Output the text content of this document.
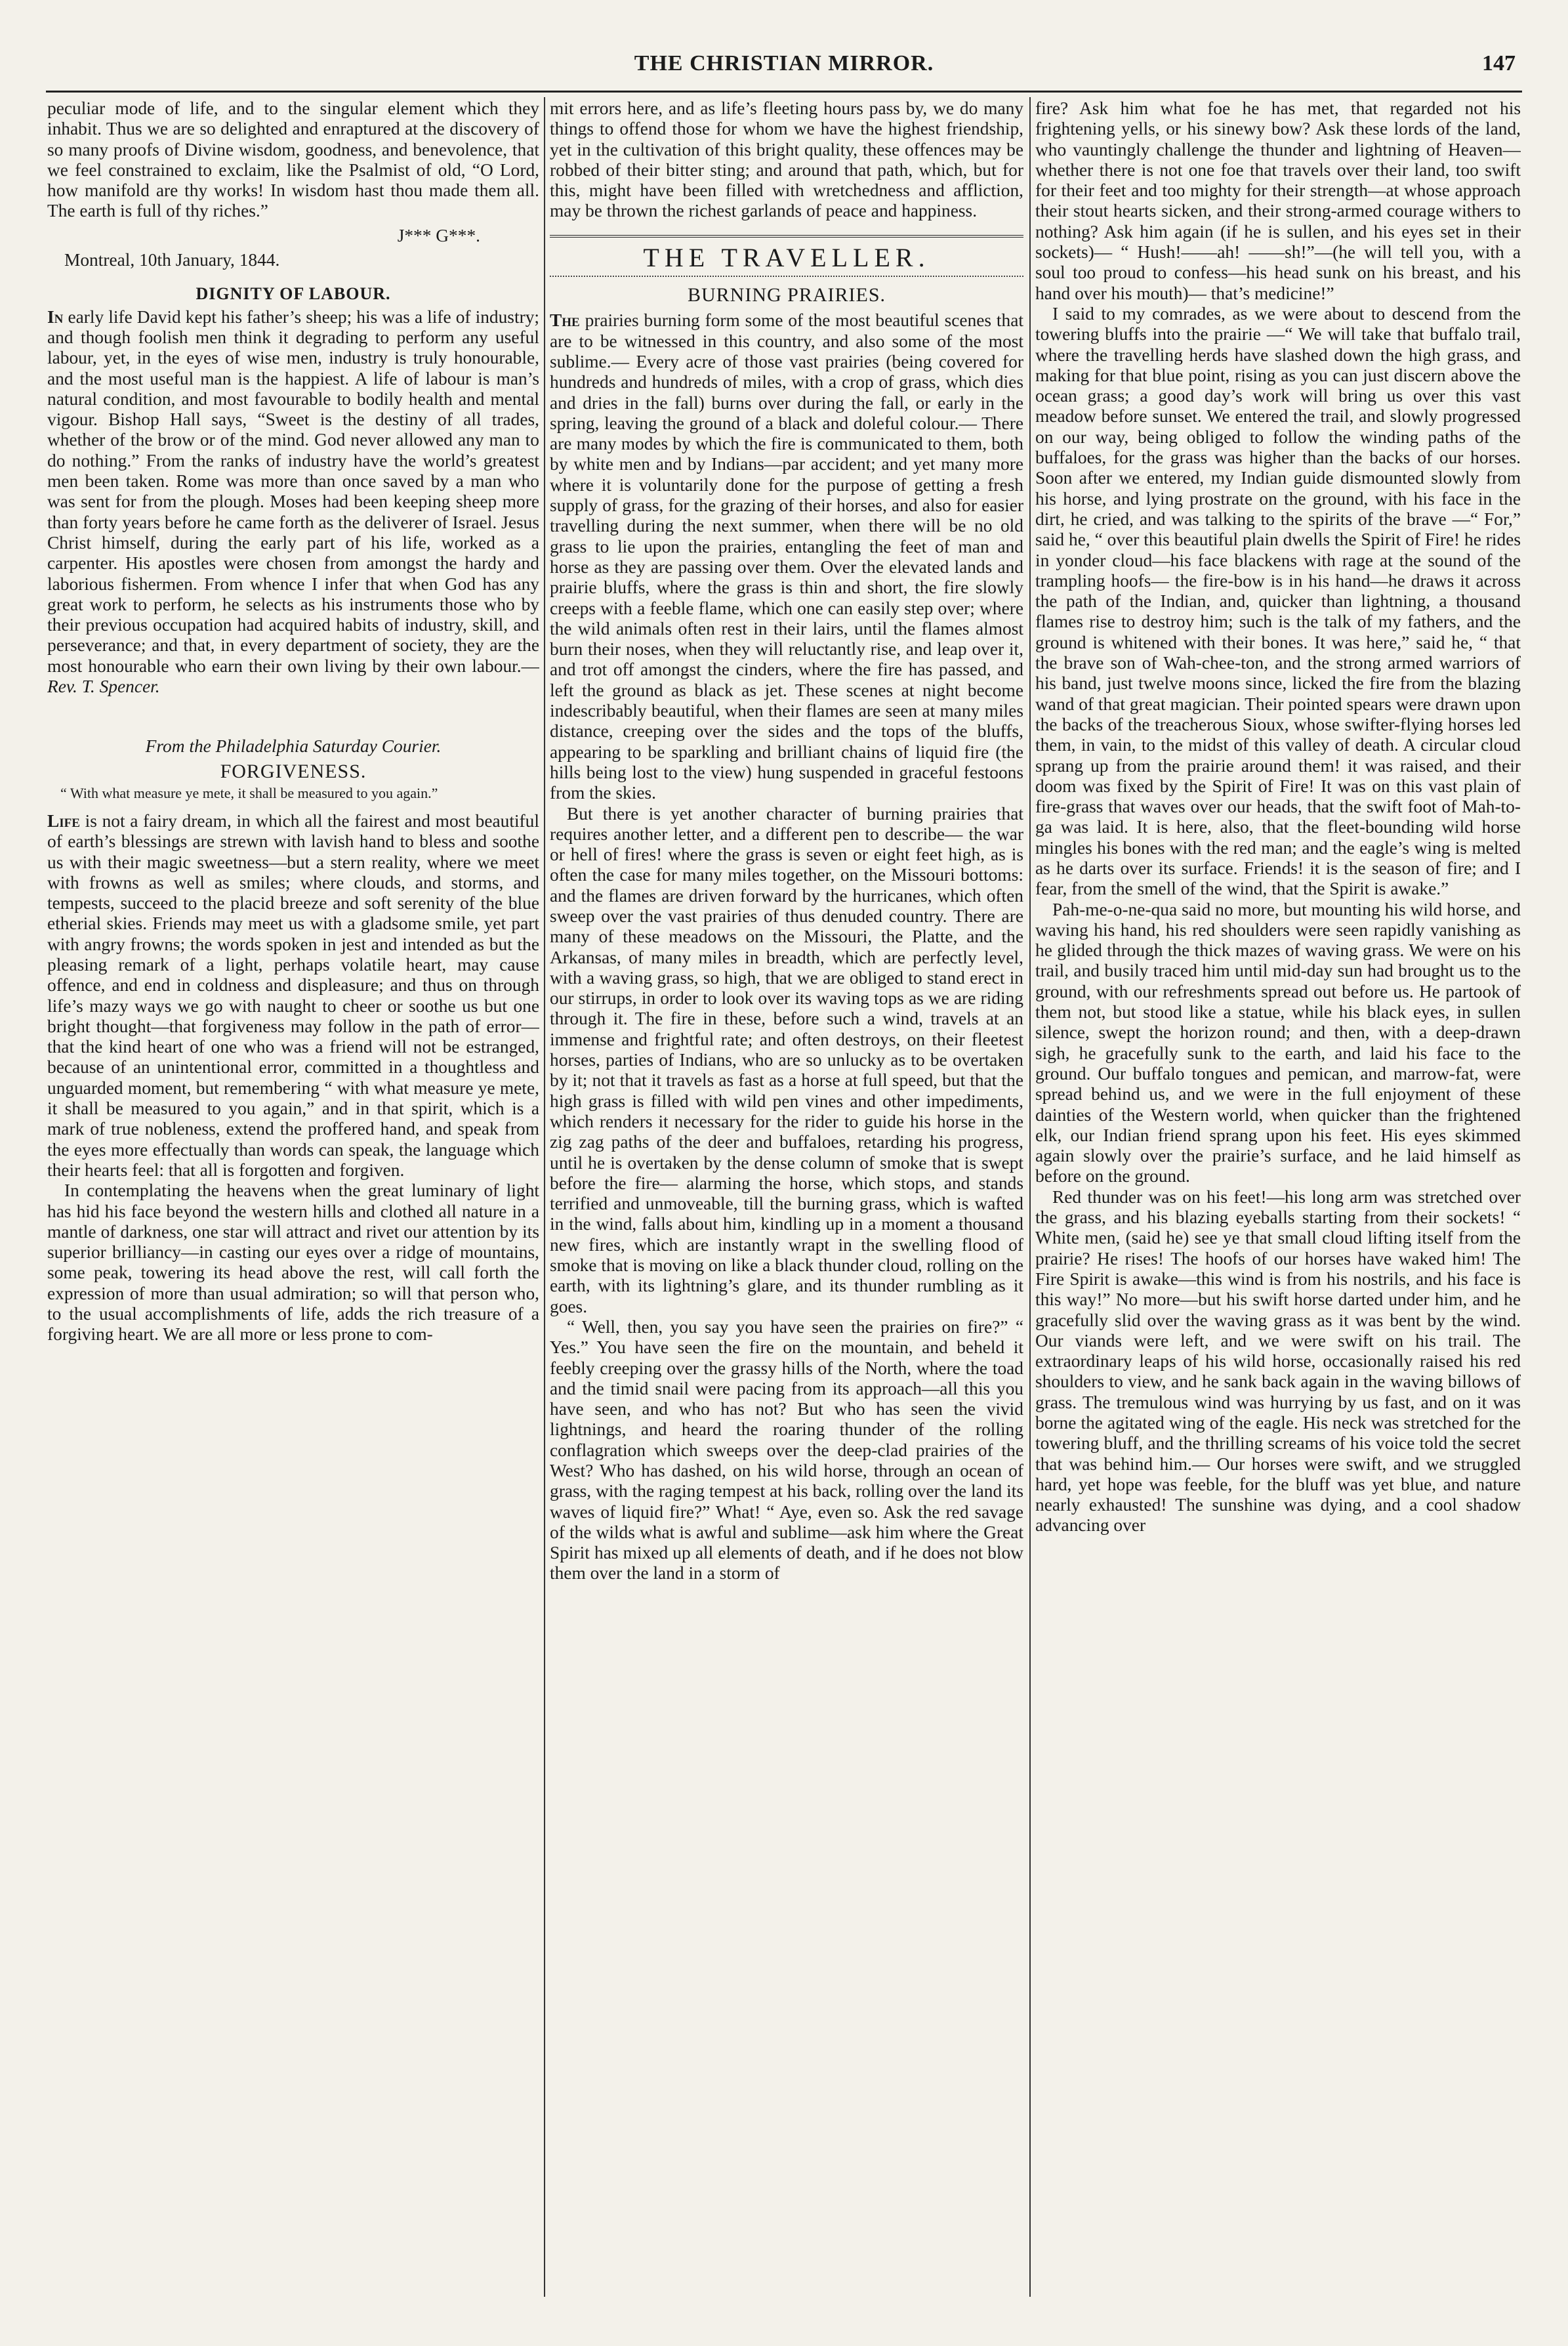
THE CHRISTIAN MIRROR.	147

peculiar mode of life, and to the singular element which they inhabit. Thus we are so delighted and enraptured at the discovery of so many proofs of Divine wisdom, goodness, and benevolence, that we feel constrained to exclaim, like the Psalmist of old, “O Lord, how manifold are thy works! In wisdom hast thou made them all. The earth is full of thy riches.”

J*** G***.
Montreal, 10th January, 1844.
DIGNITY OF LABOUR.

In early life David kept his father’s sheep; his was a life of industry; and though foolish men think it degrading to perform any useful labour, yet, in the eyes of wise men, industry is truly honourable, and the most useful man is the happiest. A life of labour is man’s natural condition, and most favourable to bodily health and mental vigour. Bishop Hall says, “Sweet is the destiny of all trades, whether of the brow or of the mind. God never allowed any man to do nothing.” From the ranks of industry have the world’s greatest men been taken. Rome was more than once saved by a man who was sent for from the plough. Moses had been keeping sheep more than forty years before he came forth as the deliverer of Israel. Jesus Christ himself, during the early part of his life, worked as a carpenter. His apostles were chosen from amongst the hardy and laborious fishermen. From whence I infer that when God has any great work to perform, he selects as his instruments those who by their previous occupation had acquired habits of industry, skill, and perseverance; and that, in every department of society, they are the most honourable who earn their own living by their own labour.—Rev. T. Spencer.

From the Philadelphia Saturday Courier.
FORGIVENESS.
“ With what measure ye mete, it shall be measured to you again.”

Life is not a fairy dream, in which all the fairest and most beautiful of earth’s blessings are strewn with lavish hand to bless and soothe us with their magic sweetness—but a stern reality, where we meet with frowns as well as smiles; where clouds, and storms, and tempests, succeed to the placid breeze and soft serenity of the blue etherial skies. Friends may meet us with a gladsome smile, yet part with angry frowns; the words spoken in jest and intended as but the pleasing remark of a light, perhaps volatile heart, may cause offence, and end in coldness and displeasure; and thus on through life’s mazy ways we go with naught to cheer or soothe us but one bright thought—that forgiveness may follow in the path of error—that the kind heart of one who was a friend will not be estranged, because of an unintentional error, committed in a thoughtless and unguarded moment, but remembering “ with what measure ye mete, it shall be measured to you again,” and in that spirit, which is a mark of true nobleness, extend the proffered hand, and speak from the eyes more effectually than words can speak, the language which their hearts feel: that all is forgotten and forgiven.

In contemplating the heavens when the great luminary of light has hid his face beyond the western hills and clothed all nature in a mantle of darkness, one star will attract and rivet our attention by its superior brilliancy—in casting our eyes over a ridge of mountains, some peak, towering its head above the rest, will call forth the expression of more than usual admiration; so will that person who, to the usual accomplishments of life, adds the rich treasure of a forgiving heart. We are all more or less prone to com-

mit errors here, and as life’s fleeting hours pass by, we do many things to offend those for whom we have the highest friendship, yet in the cultivation of this bright quality, these offences may be robbed of their bitter sting; and around that path, which, but for this, might have been filled with wretchedness and affliction, may be thrown the richest garlands of peace and happiness.

THE TRAVELLER.
BURNING PRAIRIES.

The prairies burning form some of the most beautiful scenes that are to be witnessed in this country, and also some of the most sublime.— Every acre of those vast prairies (being covered for hundreds and hundreds of miles, with a crop of grass, which dies and dries in the fall) burns over during the fall, or early in the spring, leaving the ground of a black and doleful colour.— There are many modes by which the fire is communicated to them, both by white men and by Indians—par accident; and yet many more where it is voluntarily done for the purpose of getting a fresh supply of grass, for the grazing of their horses, and also for easier travelling during the next summer, when there will be no old grass to lie upon the prairies, entangling the feet of man and horse as they are passing over them. Over the elevated lands and prairie bluffs, where the grass is thin and short, the fire slowly creeps with a feeble flame, which one can easily step over; where the wild animals often rest in their lairs, until the flames almost burn their noses, when they will reluctantly rise, and leap over it, and trot off amongst the cinders, where the fire has passed, and left the ground as black as jet. These scenes at night become indescribably beautiful, when their flames are seen at many miles distance, creeping over the sides and the tops of the bluffs, appearing to be sparkling and brilliant chains of liquid fire (the hills being lost to the view) hung suspended in graceful festoons from the skies.

But there is yet another character of burning prairies that requires another letter, and a different pen to describe— the war or hell of fires! where the grass is seven or eight feet high, as is often the case for many miles together, on the Missouri bottoms: and the flames are driven forward by the hurricanes, which often sweep over the vast prairies of thus denuded country. There are many of these meadows on the Missouri, the Platte, and the Arkansas, of many miles in breadth, which are perfectly level, with a waving grass, so high, that we are obliged to stand erect in our stirrups, in order to look over its waving tops as we are riding through it. The fire in these, before such a wind, travels at an immense and frightful rate; and often destroys, on their fleetest horses, parties of Indians, who are so unlucky as to be overtaken by it; not that it travels as fast as a horse at full speed, but that the high grass is filled with wild pen vines and other impediments, which renders it necessary for the rider to guide his horse in the zig zag paths of the deer and buffaloes, retarding his progress, until he is overtaken by the dense column of smoke that is swept before the fire— alarming the horse, which stops, and stands terrified and unmoveable, till the burning grass, which is wafted in the wind, falls about him, kindling up in a moment a thousand new fires, which are instantly wrapt in the swelling flood of smoke that is moving on like a black thunder cloud, rolling on the earth, with its lightning’s glare, and its thunder rumbling as it goes.

“ Well, then, you say you have seen the prairies on fire?” “ Yes.” You have seen the fire on the mountain, and beheld it feebly creeping over the grassy hills of the North, where the toad and the timid snail were pacing from its approach—all this you have seen, and who has not? But who has seen the vivid lightnings, and heard the roaring thunder of the rolling conflagration which sweeps over the deep-clad prairies of the West? Who has dashed, on his wild horse, through an ocean of grass, with the raging tempest at his back, rolling over the land its waves of liquid fire?” What! “ Aye, even so. Ask the red savage of the wilds what is awful and sublime—ask him where the Great Spirit has mixed up all elements of death, and if he does not blow them over the land in a storm of

fire? Ask him what foe he has met, that regarded not his frightening yells, or his sinewy bow? Ask these lords of the land, who vauntingly challenge the thunder and lightning of Heaven—whether there is not one foe that travels over their land, too swift for their feet and too mighty for their strength—at whose approach their stout hearts sicken, and their strong-armed courage withers to nothing? Ask him again (if he is sullen, and his eyes set in their sockets)— “ Hush!——ah! ——sh!”—(he will tell you, with a soul too proud to confess—his head sunk on his breast, and his hand over his mouth)— that’s medicine!”

I said to my comrades, as we were about to descend from the towering bluffs into the prairie —“ We will take that buffalo trail, where the travelling herds have slashed down the high grass, and making for that blue point, rising as you can just discern above the ocean grass; a good day’s work will bring us over this vast meadow before sunset. We entered the trail, and slowly progressed on our way, being obliged to follow the winding paths of the buffaloes, for the grass was higher than the backs of our horses. Soon after we entered, my Indian guide dismounted slowly from his horse, and lying prostrate on the ground, with his face in the dirt, he cried, and was talking to the spirits of the brave —“ For,” said he, “ over this beautiful plain dwells the Spirit of Fire! he rides in yonder cloud—his face blackens with rage at the sound of the trampling hoofs— the fire-bow is in his hand—he draws it across the path of the Indian, and, quicker than lightning, a thousand flames rise to destroy him; such is the talk of my fathers, and the ground is whitened with their bones. It was here,” said he, “ that the brave son of Wah-chee-ton, and the strong armed warriors of his band, just twelve moons since, licked the fire from the blazing wand of that great magician. Their pointed spears were drawn upon the backs of the treacherous Sioux, whose swifter-flying horses led them, in vain, to the midst of this valley of death. A circular cloud sprang up from the prairie around them! it was raised, and their doom was fixed by the Spirit of Fire! It was on this vast plain of fire-grass that waves over our heads, that the swift foot of Mah-to-ga was laid. It is here, also, that the fleet-bounding wild horse mingles his bones with the red man; and the eagle’s wing is melted as he darts over its surface. Friends! it is the season of fire; and I fear, from the smell of the wind, that the Spirit is awake.”

Pah-me-o-ne-qua said no more, but mounting his wild horse, and waving his hand, his red shoulders were seen rapidly vanishing as he glided through the thick mazes of waving grass. We were on his trail, and busily traced him until mid-day sun had brought us to the ground, with our refreshments spread out before us. He partook of them not, but stood like a statue, while his black eyes, in sullen silence, swept the horizon round; and then, with a deep-drawn sigh, he gracefully sunk to the earth, and laid his face to the ground. Our buffalo tongues and pemican, and marrow-fat, were spread behind us, and we were in the full enjoyment of these dainties of the Western world, when quicker than the frightened elk, our Indian friend sprang upon his feet. His eyes skimmed again slowly over the prairie’s surface, and he laid himself as before on the ground.

Red thunder was on his feet!—his long arm was stretched over the grass, and his blazing eyeballs starting from their sockets! “ White men, (said he) see ye that small cloud lifting itself from the prairie? He rises! The hoofs of our horses have waked him! The Fire Spirit is awake—this wind is from his nostrils, and his face is this way!” No more—but his swift horse darted under him, and he gracefully slid over the waving grass as it was bent by the wind. Our viands were left, and we were swift on his trail. The extraordinary leaps of his wild horse, occasionally raised his red shoulders to view, and he sank back again in the waving billows of grass. The tremulous wind was hurrying by us fast, and on it was borne the agitated wing of the eagle. His neck was stretched for the towering bluff, and the thrilling screams of his voice told the secret that was behind him.— Our horses were swift, and we struggled hard, yet hope was feeble, for the bluff was yet blue, and nature nearly exhausted! The sunshine was dying, and a cool shadow advancing over
